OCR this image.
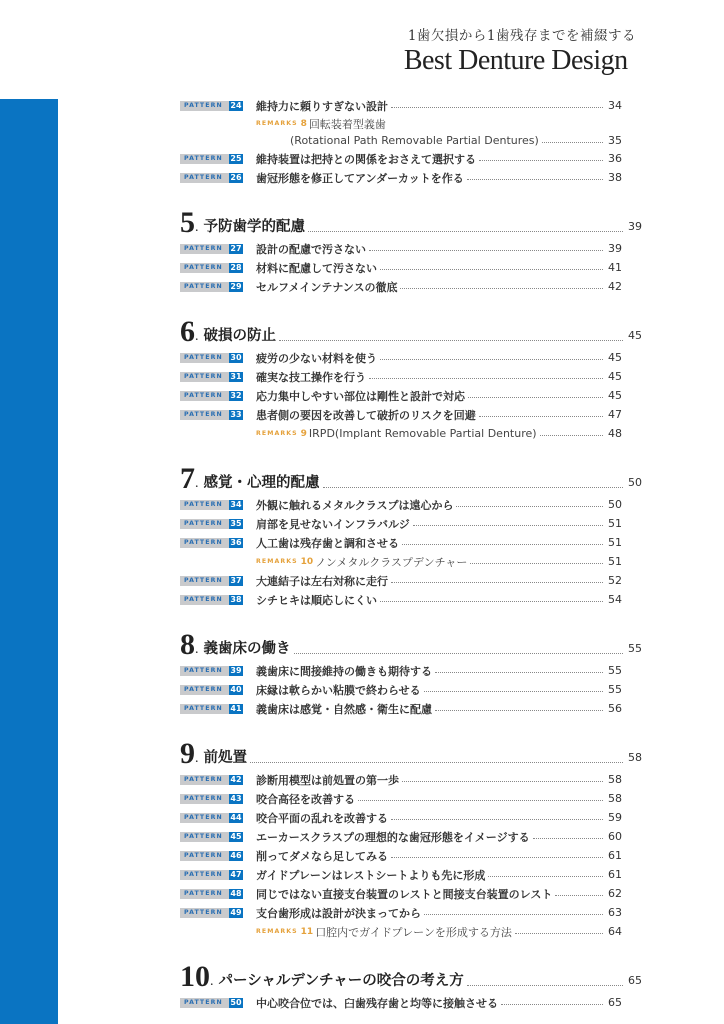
1歯欠損から1歯残存までを補綴する
Best Denture Design
PATTERN 24 維持力に頼りすぎない設計	34
REMARKS 8 回転装着型義歯
(Rotational Path Removable Partial Dentures)	35
PATTERN 25 維持装置は把持との関係をおさえて選択する	36
PATTERN 26 歯冠形態を修正してアンダーカットを作る	38
5 . 予防歯学的配慮	39
PATTERN 27 設計の配慮で汚さない	39
PATTERN 28 材料に配慮して汚さない	41
PATTERN 29 セルフメインテナンスの徹底	42
6 . 破損の防止	45
PATTERN 30 疲労の少ない材料を使う	45
PATTERN 31 確実な技工操作を行う	45
PATTERN 32 応力集中しやすい部位は剛性と設計で対応	45
PATTERN 33 患者側の要因を改善して破折のリスクを回避	47
REMARKS 9 IRPD(Implant Removable Partial Denture)	48
7 . 感覚・心理的配慮	50
PATTERN 34 外観に触れるメタルクラスプは遠心から	50
PATTERN 35 肩部を見せないインフラバルジ	51
PATTERN 36 人工歯は残存歯と調和させる	51
REMARKS 10 ノンメタルクラスプデンチャー	51
PATTERN 37 大連結子は左右対称に走行	52
PATTERN 38 シチヒキは順応しにくい	54
8 . 義歯床の働き	55
PATTERN 39 義歯床に間接維持の働きも期待する	55
PATTERN 40 床縁は軟らかい粘膜で終わらせる	55
PATTERN 41 義歯床は感覚・自然感・衛生に配慮	56
9 . 前処置	58
PATTERN 42 診断用模型は前処置の第一歩	58
PATTERN 43 咬合高径を改善する	58
PATTERN 44 咬合平面の乱れを改善する	59
PATTERN 45 エーカースクラスプの理想的な歯冠形態をイメージする	60
PATTERN 46 削ってダメなら足してみる	61
PATTERN 47 ガイドプレーンはレストシートよりも先に形成	61
PATTERN 48 同じではない直接支台装置のレストと間接支台装置のレスト	62
PATTERN 49 支台歯形成は設計が決まってから	63
REMARKS 11 口腔内でガイドプレーンを形成する方法	64
10 . パーシャルデンチャーの咬合の考え方	65
PATTERN 50 中心咬合位では、臼歯残存歯と均等に接触させる	65
